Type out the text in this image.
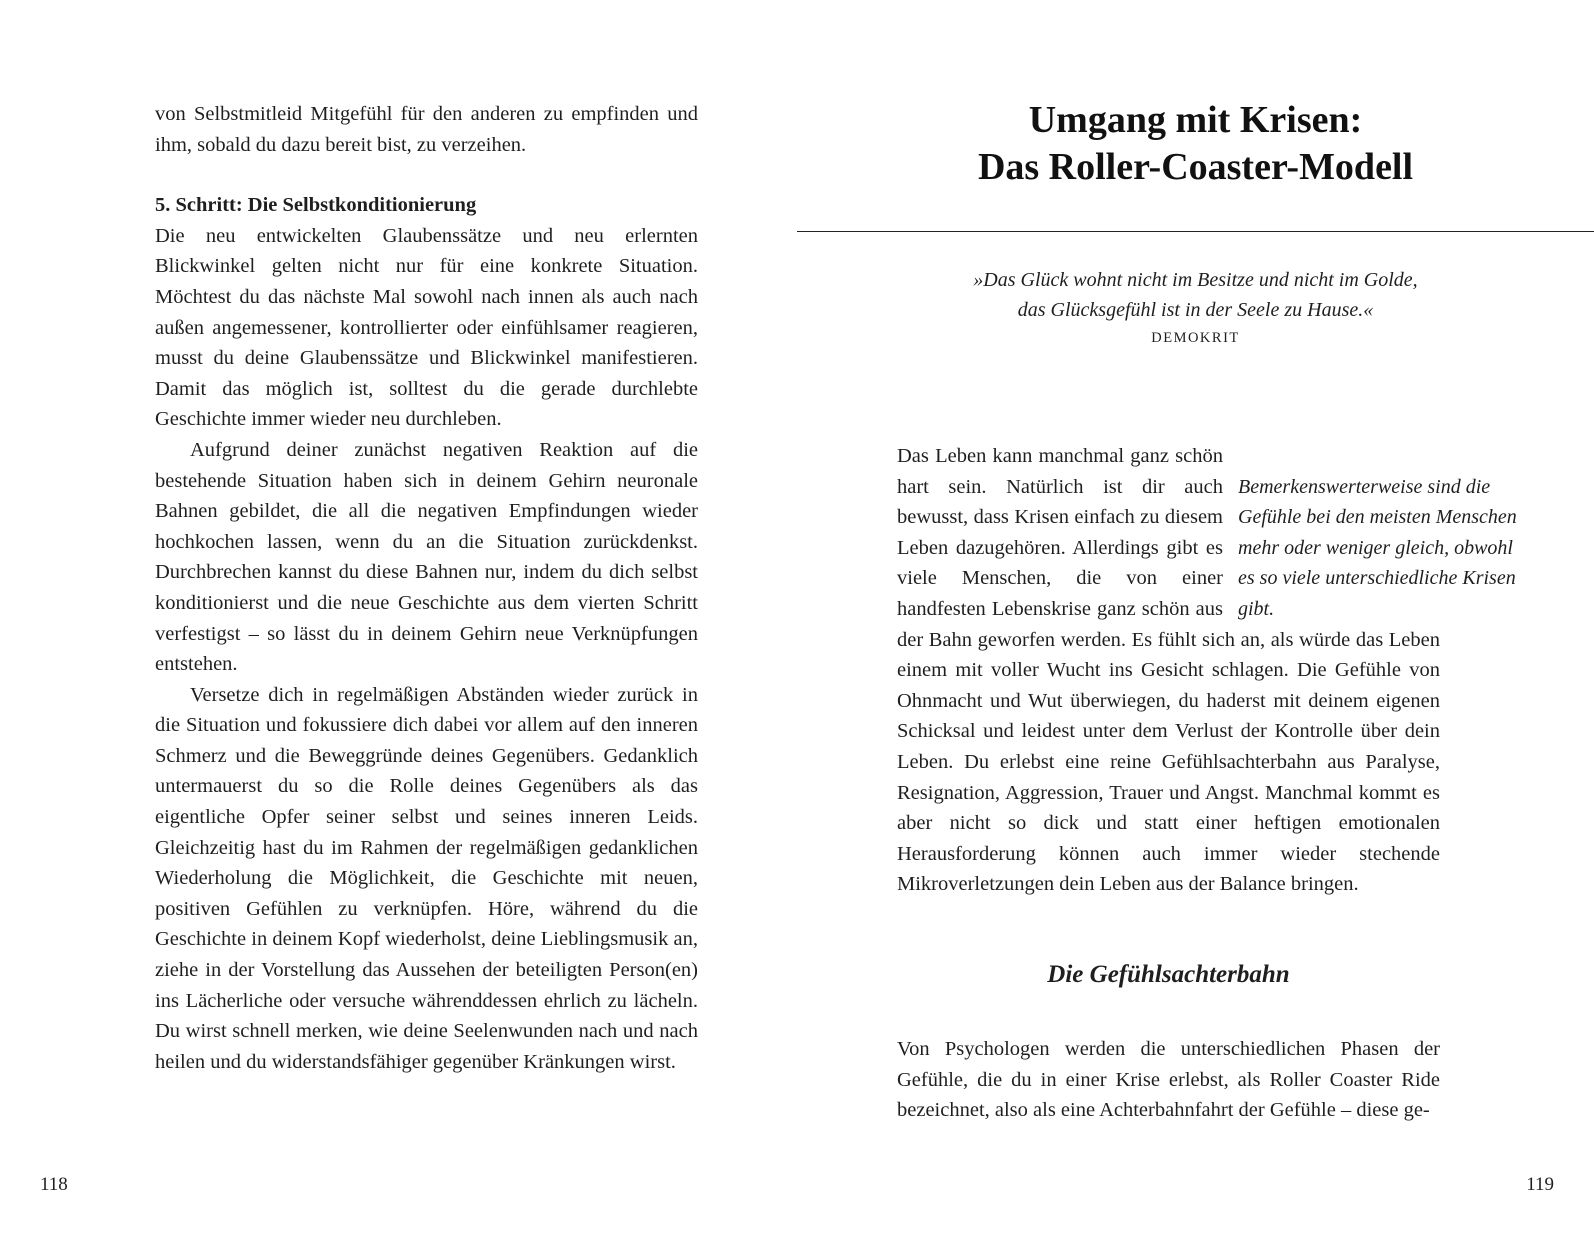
von Selbstmitleid Mitgefühl für den anderen zu empfinden und ihm, sobald du dazu bereit bist, zu verzeihen.

5. Schritt: Die Selbstkonditionierung

Die neu entwickelten Glaubenssätze und neu erlernten Blickwinkel gelten nicht nur für eine konkrete Situation. Möchtest du das nächste Mal sowohl nach innen als auch nach außen angemessener, kontrollierter oder einfühlsamer reagieren, musst du deine Glaubenssätze und Blickwinkel manifestieren. Damit das möglich ist, solltest du die gerade durchlebte Geschichte immer wieder neu durchleben.

Aufgrund deiner zunächst negativen Reaktion auf die bestehende Situation haben sich in deinem Gehirn neuronale Bahnen gebildet, die all die negativen Empfindungen wieder hochkochen lassen, wenn du an die Situation zurückdenkst. Durchbrechen kannst du diese Bahnen nur, indem du dich selbst konditionierst und die neue Geschichte aus dem vierten Schritt verfestigst – so lässt du in deinem Gehirn neue Verknüpfungen entstehen.

Versetze dich in regelmäßigen Abständen wieder zurück in die Situation und fokussiere dich dabei vor allem auf den inneren Schmerz und die Beweggründe deines Gegenübers. Gedanklich untermauerst du so die Rolle deines Gegenübers als das eigentliche Opfer seiner selbst und seines inneren Leids. Gleichzeitig hast du im Rahmen der regelmäßigen gedanklichen Wiederholung die Möglichkeit, die Geschichte mit neuen, positiven Gefühlen zu verknüpfen. Höre, während du die Geschichte in deinem Kopf wiederholst, deine Lieblingsmusik an, ziehe in der Vorstellung das Aussehen der beteiligten Person(en) ins Lächerliche oder versuche währenddessen ehrlich zu lächeln. Du wirst schnell merken, wie deine Seelenwunden nach und nach heilen und du widerstandsfähiger gegenüber Kränkungen wirst.

118
Umgang mit Krisen:
Das Roller-Coaster-Modell

»Das Glück wohnt nicht im Besitze und nicht im Golde,
das Glücksgefühl ist in der Seele zu Hause.«

DEMOKRIT

Bemerkenswerterweise sind die Gefühle bei den meisten Menschen mehr oder weniger gleich, obwohl es so viele unterschiedliche Krisen gibt.
Das Leben kann manchmal ganz schön hart sein. Natürlich ist dir auch bewusst, dass Krisen einfach zu diesem Leben dazugehören. Allerdings gibt es viele Menschen, die von einer handfesten Lebenskrise ganz schön aus der Bahn geworfen werden. Es fühlt sich an, als würde das Leben einem mit voller Wucht ins Gesicht schlagen. Die Gefühle von Ohnmacht und Wut überwiegen, du haderst mit deinem eigenen Schicksal und leidest unter dem Verlust der Kontrolle über dein Leben. Du erlebst eine reine Gefühlsachterbahn aus Paralyse, Resignation, Aggression, Trauer und Angst. Manchmal kommt es aber nicht so dick und statt einer heftigen emotionalen Herausforderung können auch immer wieder stechende Mikroverletzungen dein Leben aus der Balance bringen.

Die Gefühlsachterbahn

Von Psychologen werden die unterschiedlichen Phasen der Gefühle, die du in einer Krise erlebst, als Roller Coaster Ride bezeichnet, also als eine Achterbahnfahrt der Gefühle – diese ge-

119
